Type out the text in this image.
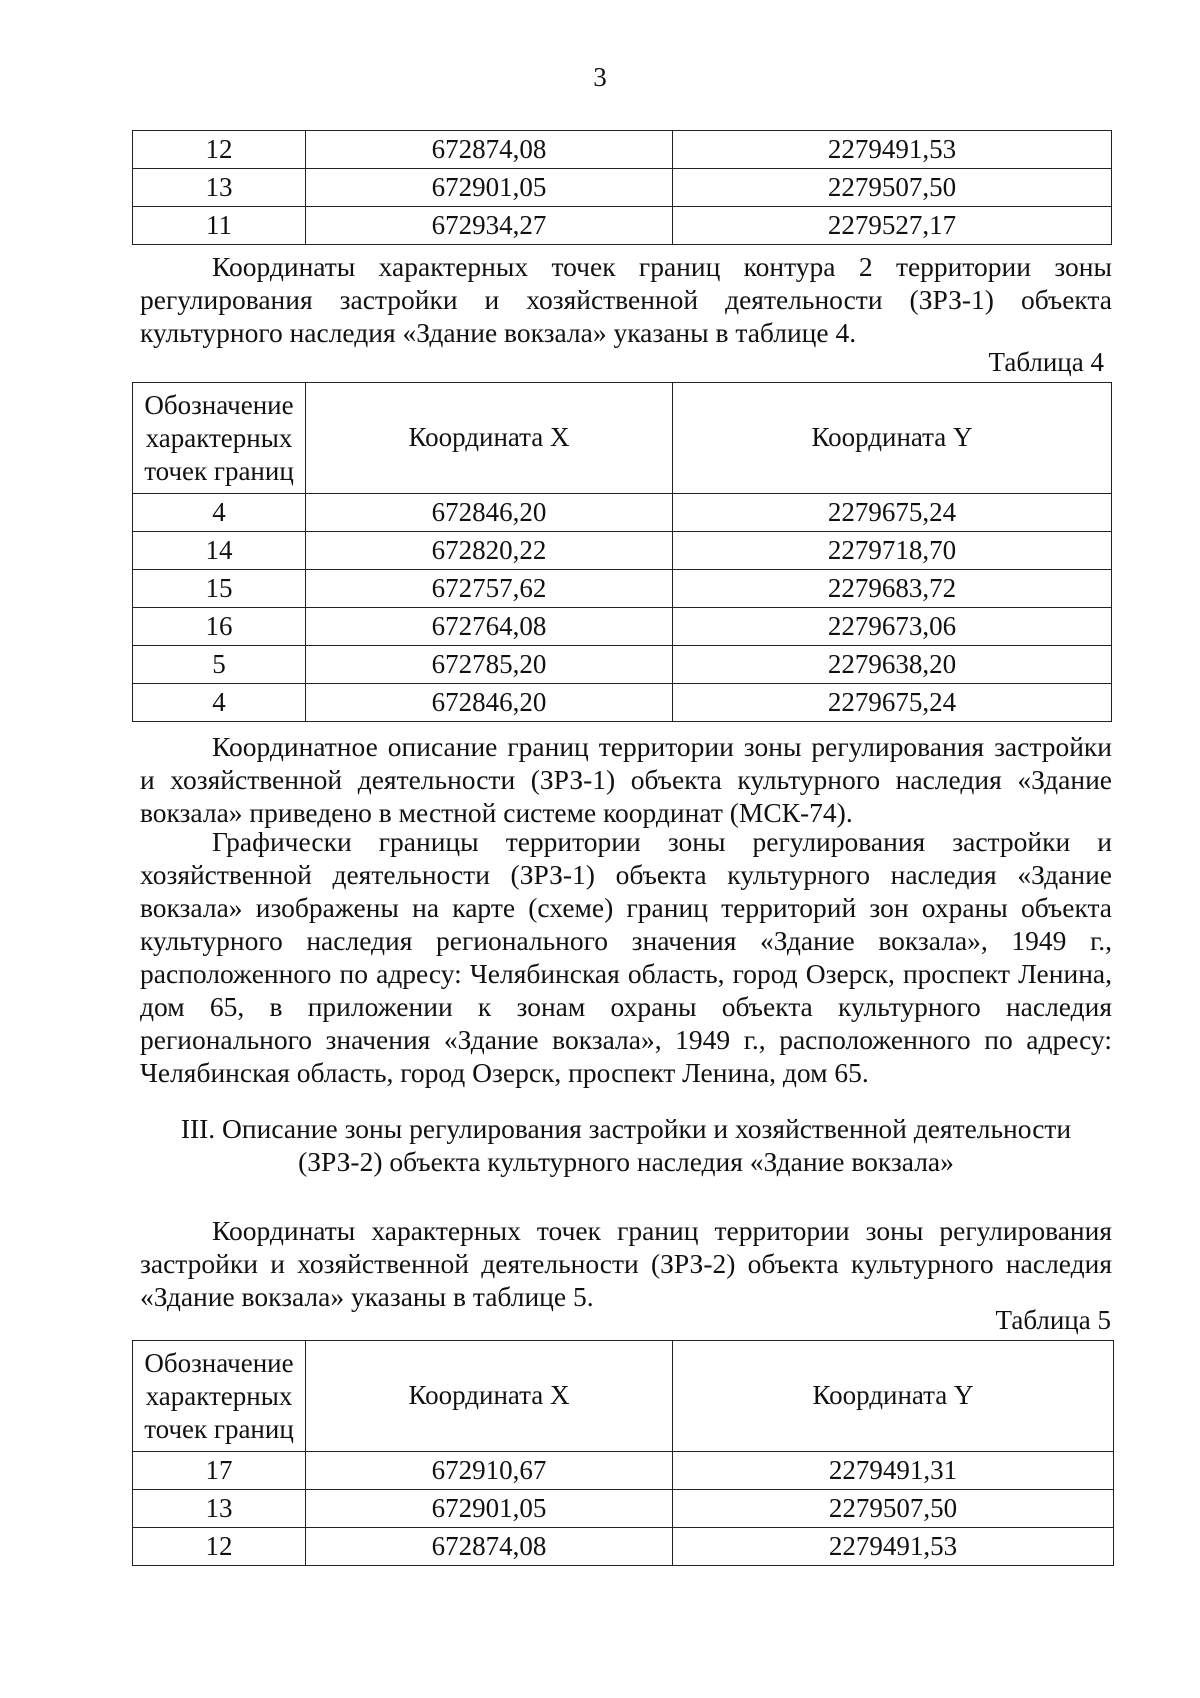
3
12	672874,08	2279491,53
13	672901,05	2279507,50
11	672934,27	2279527,17

Координаты характерных точек границ контура 2 территории зоны регулирования застройки и хозяйственной деятельности (ЗРЗ-1) объекта культурного наследия «Здание вокзала» указаны в таблице 4.

Таблица 4
Обозначение характерных точек границ	Координата X	Координата Y
4	672846,20	2279675,24
14	672820,22	2279718,70
15	672757,62	2279683,72
16	672764,08	2279673,06
5	672785,20	2279638,20
4	672846,20	2279675,24

Координатное описание границ территории зоны регулирования застройки и хозяйственной деятельности (ЗРЗ-1) объекта культурного наследия «Здание вокзала» приведено в местной системе координат (МСК-74).

Графически границы территории зоны регулирования застройки и хозяйственной деятельности (ЗРЗ-1) объекта культурного наследия «Здание вокзала» изображены на карте (схеме) границ территорий зон охраны объекта культурного наследия регионального значения «Здание вокзала», 1949 г., расположенного по адресу: Челябинская область, город Озерск, проспект Ленина, дом 65, в приложении к зонам охраны объекта культурного наследия регионального значения «Здание вокзала», 1949 г., расположенного по адресу: Челябинская область, город Озерск, проспект Ленина, дом 65.

III. Описание зоны регулирования застройки и хозяйственной деятельности
(ЗРЗ-2) объекта культурного наследия «Здание вокзала»

Координаты характерных точек границ территории зоны регулирования застройки и хозяйственной деятельности (ЗРЗ-2) объекта культурного наследия «Здание вокзала» указаны в таблице 5.

Таблица 5
Обозначение характерных точек границ	Координата X	Координата Y
17	672910,67	2279491,31
13	672901,05	2279507,50
12	672874,08	2279491,53
